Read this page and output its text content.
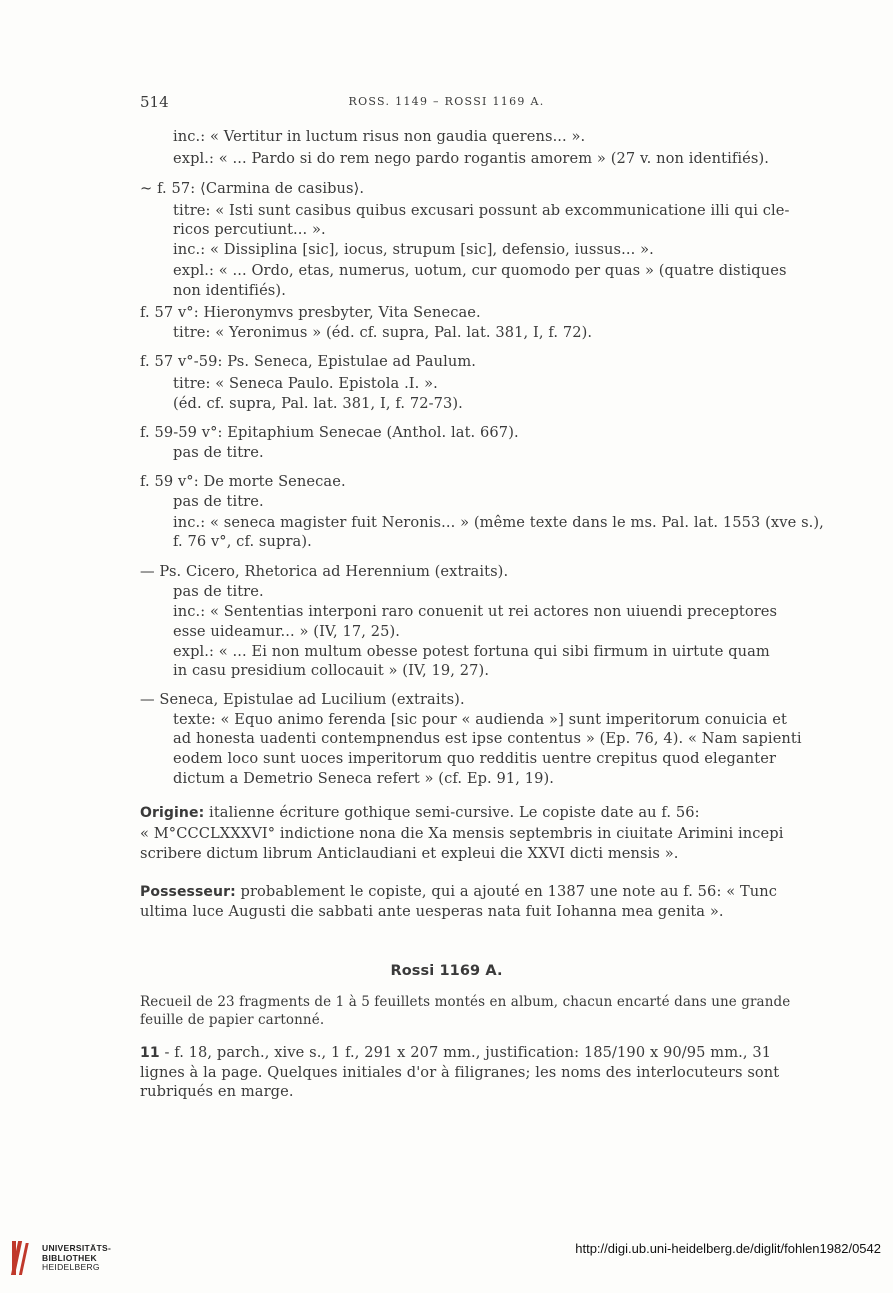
514	ROSS. 1149 – ROSSI 1169 A.
inc.: « Vertitur in luctum risus non gaudia querens... ».
expl.: « ... Pardo si do rem nego pardo rogantis amorem » (27 v. non identifiés).
~ f. 57: ⟨Carmina de casibus⟩.
titre: « Isti sunt casibus quibus excusari possunt ab excommunicatione illi qui cle-
ricos percutiunt... ».
inc.: « Dissiplina [sic], iocus, strupum [sic], defensio, iussus... ».
expl.: « ... Ordo, etas, numerus, uotum, cur quomodo per quas » (quatre distiques
non identifiés).
f. 57 v°: Hieronymvs presbyter, Vita Senecae.
titre: « Yeronimus » (éd. cf. supra, Pal. lat. 381, I, f. 72).
f. 57 v°-59: Ps. Seneca, Epistulae ad Paulum.
titre: « Seneca Paulo. Epistola .I. ».
(éd. cf. supra, Pal. lat. 381, I, f. 72-73).
f. 59-59 v°: Epitaphium Senecae (Anthol. lat. 667).
pas de titre.
f. 59 v°: De morte Senecae.
pas de titre.
inc.: « seneca magister fuit Neronis... » (même texte dans le ms. Pal. lat. 1553 (xve s.),
f. 76 v°, cf. supra).
— Ps. Cicero, Rhetorica ad Herennium (extraits).
pas de titre.
inc.: « Sententias interponi raro conuenit ut rei actores non uiuendi preceptores
esse uideamur... » (IV, 17, 25).
expl.: « ... Ei non multum obesse potest fortuna qui sibi firmum in uirtute quam
in casu presidium collocauit » (IV, 19, 27).
— Seneca, Epistulae ad Lucilium (extraits).
texte: « Equo animo ferenda [sic pour « audienda »] sunt imperitorum conuicia et
ad honesta uadenti contempnendus est ipse contentus » (Ep. 76, 4). « Nam sapienti
eodem loco sunt uoces imperitorum quo redditis uentre crepitus quod eleganter
dictum a Demetrio Seneca refert » (cf. Ep. 91, 19).
Origine: italienne écriture gothique semi-cursive. Le copiste date au f. 56:
« M°CCCLXXXVI° indictione nona die Xa mensis septembris in ciuitate Arimini incepi
scribere dictum librum Anticlaudiani et expleui die XXVI dicti mensis ».
Possesseur: probablement le copiste, qui a ajouté en 1387 une note au f. 56: « Tunc
ultima luce Augusti die sabbati ante uesperas nata fuit Iohanna mea genita ».
Rossi 1169 A.
Recueil de 23 fragments de 1 à 5 feuillets montés en album, chacun encarté dans une grande
feuille de papier cartonné.
11 - f. 18, parch., xive s., 1 f., 291 x 207 mm., justification: 185/190 x 90/95 mm., 31
lignes à la page. Quelques initiales d'or à filigranes; les noms des interlocuteurs sont
rubriqués en marge.
UNIVERSITÄTS-
BIBLIOTHEK
HEIDELBERG
http://digi.ub.uni-heidelberg.de/diglit/fohlen1982/0542
